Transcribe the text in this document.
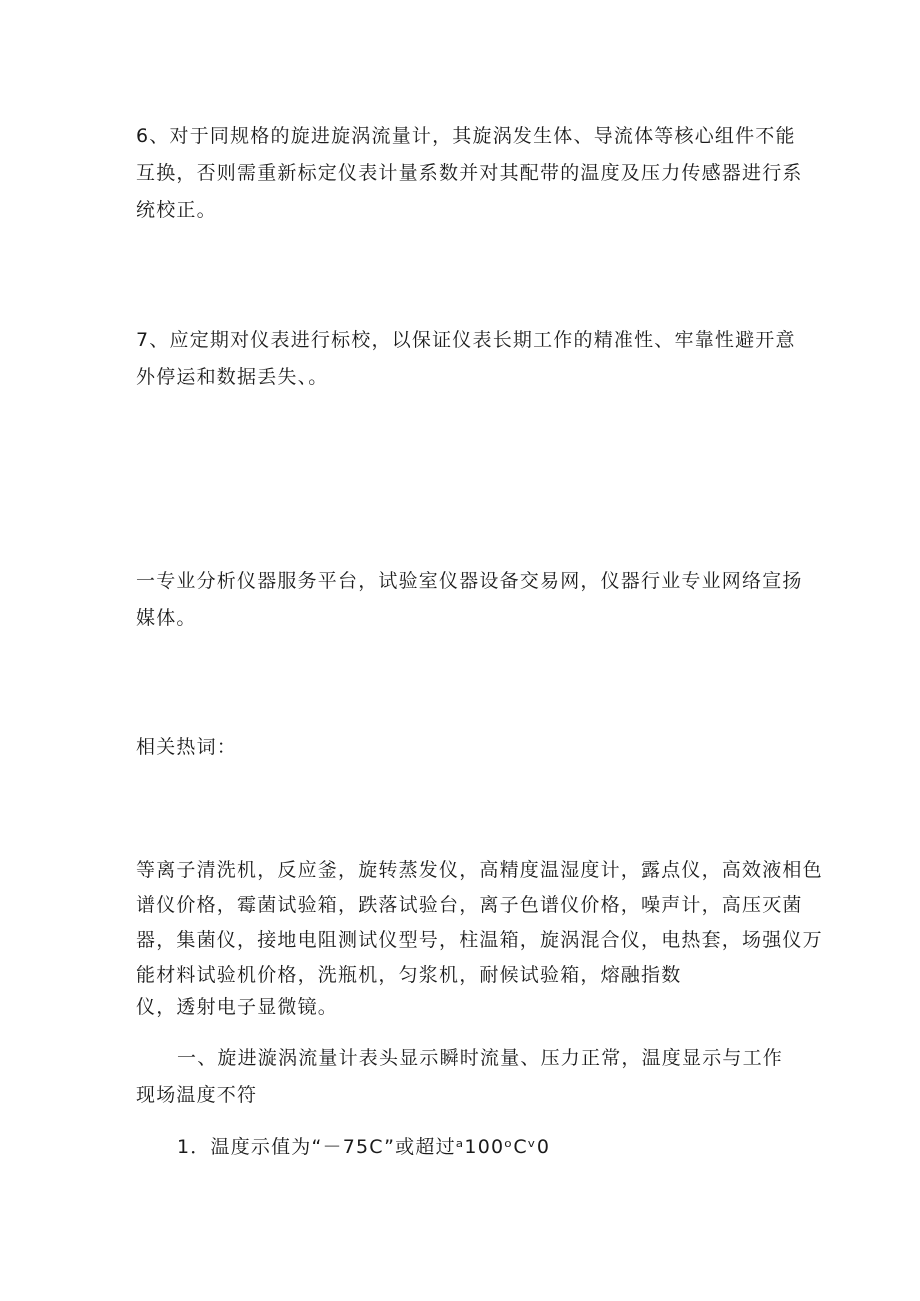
6、对于同规格的旋进旋涡流量计，其旋涡发生体、导流体等核心组件不能
互换，否则需重新标定仪表计量系数并对其配带的温度及压力传感器进行系
统校正。
7、应定期对仪表进行标校，以保证仪表长期工作的精准性、牢靠性避开意
外停运和数据丢失、。
一专业分析仪器服务平台，试验室仪器设备交易网，仪器行业专业网络宣扬
媒体。
相关热词：
等离子清洗机，反应釜，旋转蒸发仪，高精度温湿度计，露点仪，高效液相色
谱仪价格，霉菌试验箱，跌落试验台，离子色谱仪价格，噪声计，高压灭菌
器，集菌仪，接地电阻测试仪型号，柱温箱，旋涡混合仪，电热套，场强仪万
能材料试验机价格，洗瓶机，匀浆机，耐候试验箱，熔融指数
仪，透射电子显微镜。
一、旋进漩涡流量计表头显示瞬时流量、压力正常，温度显示与工作
现场温度不符
1．温度示值为“－75C”或超过ᵃ100ᵒCᵛ0
